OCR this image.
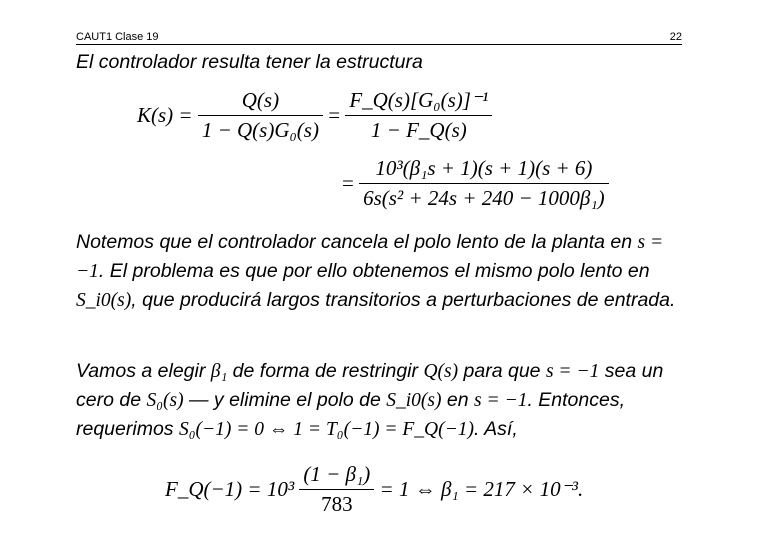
CAUT1 Clase 19	22
El controlador resulta tener la estructura
$K(s) = \frac{Q(s)}{\text{1 − Q(s)G₀(s)}} = \frac{\text{F\_Q(s)[G₀(s)]⁻¹}}{1 - F\_Q(s)}$
= $\frac{\text{10³(β₁s + 1)(s + 1)(s + 6)}}{\text{6s(s² + 24s + 240 − 1000β₁)}}$
Notemos que el controlador cancela el polo lento de la planta en s = −1. El problema es que por ello obtenemos el mismo polo lento en S_i0(s), que producirá largos transitorios a perturbaciones de entrada.
Vamos a elegir β₁ de forma de restringir Q(s) para que s = −1 sea un cero de S₀(s) — y elimine el polo de S_i0(s) en s = −1. Entonces, requerimos S₀(−1) = 0 ⇔ 1 = T₀(−1) = F_Q(−1). Así,
F_Q(−1) = $10^3 \frac{\text{(1 − β₁)}}{783} = 1$ ⇔ β₁ = 217 × 10⁻³.
